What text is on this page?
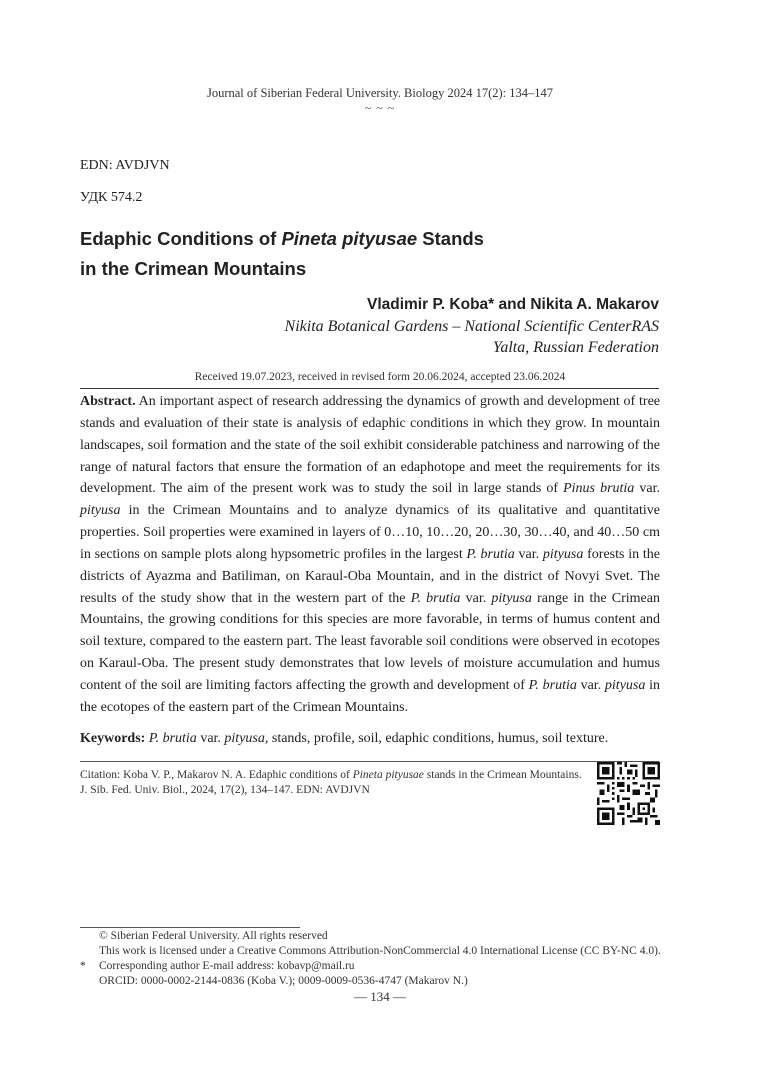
Journal of Siberian Federal University. Biology 2024 17(2): 134–147
~ ~ ~
EDN: AVDJVN
УДК 574.2
Edaphic Conditions of Pineta pityusae Stands
in the Crimean Mountains
Vladimir P. Koba* and Nikita A. Makarov
Nikita Botanical Gardens – National Scientific CenterRAS
Yalta, Russian Federation
Received 19.07.2023, received in revised form 20.06.2024, accepted 23.06.2024
Abstract. An important aspect of research addressing the dynamics of growth and development of tree stands and evaluation of their state is analysis of edaphic conditions in which they grow. In mountain landscapes, soil formation and the state of the soil exhibit considerable patchiness and narrowing of the range of natural factors that ensure the formation of an edaphotope and meet the requirements for its development. The aim of the present work was to study the soil in large stands of Pinus brutia var. pityusa in the Crimean Mountains and to analyze dynamics of its qualitative and quantitative properties. Soil properties were examined in layers of 0…10, 10…20, 20…30, 30…40, and 40…50 cm in sections on sample plots along hypsometric profiles in the largest P. brutia var. pityusa forests in the districts of Ayazma and Batiliman, on Karaul-Oba Mountain, and in the district of Novyi Svet. The results of the study show that in the western part of the P. brutia var. pityusa range in the Crimean Mountains, the growing conditions for this species are more favorable, in terms of humus content and soil texture, compared to the eastern part. The least favorable soil conditions were observed in ecotopes on Karaul-Oba. The present study demonstrates that low levels of moisture accumulation and humus content of the soil are limiting factors affecting the growth and development of P. brutia var. pityusa in the ecotopes of the eastern part of the Crimean Mountains.
Keywords: P. brutia var. pityusa, stands, profile, soil, edaphic conditions, humus, soil texture.
Citation: Koba V. P., Makarov N. A. Edaphic conditions of Pineta pityusae stands in the Crimean Mountains. J. Sib. Fed. Univ. Biol., 2024, 17(2), 134–147. EDN: AVDJVN
© Siberian Federal University. All rights reserved
This work is licensed under a Creative Commons Attribution-NonCommercial 4.0 International License (CC BY-NC 4.0).
* Corresponding author E-mail address: kobavp@mail.ru
ORCID: 0000-0002-2144-0836 (Koba V.); 0009-0009-0536-4747 (Makarov N.)
— 134 —
